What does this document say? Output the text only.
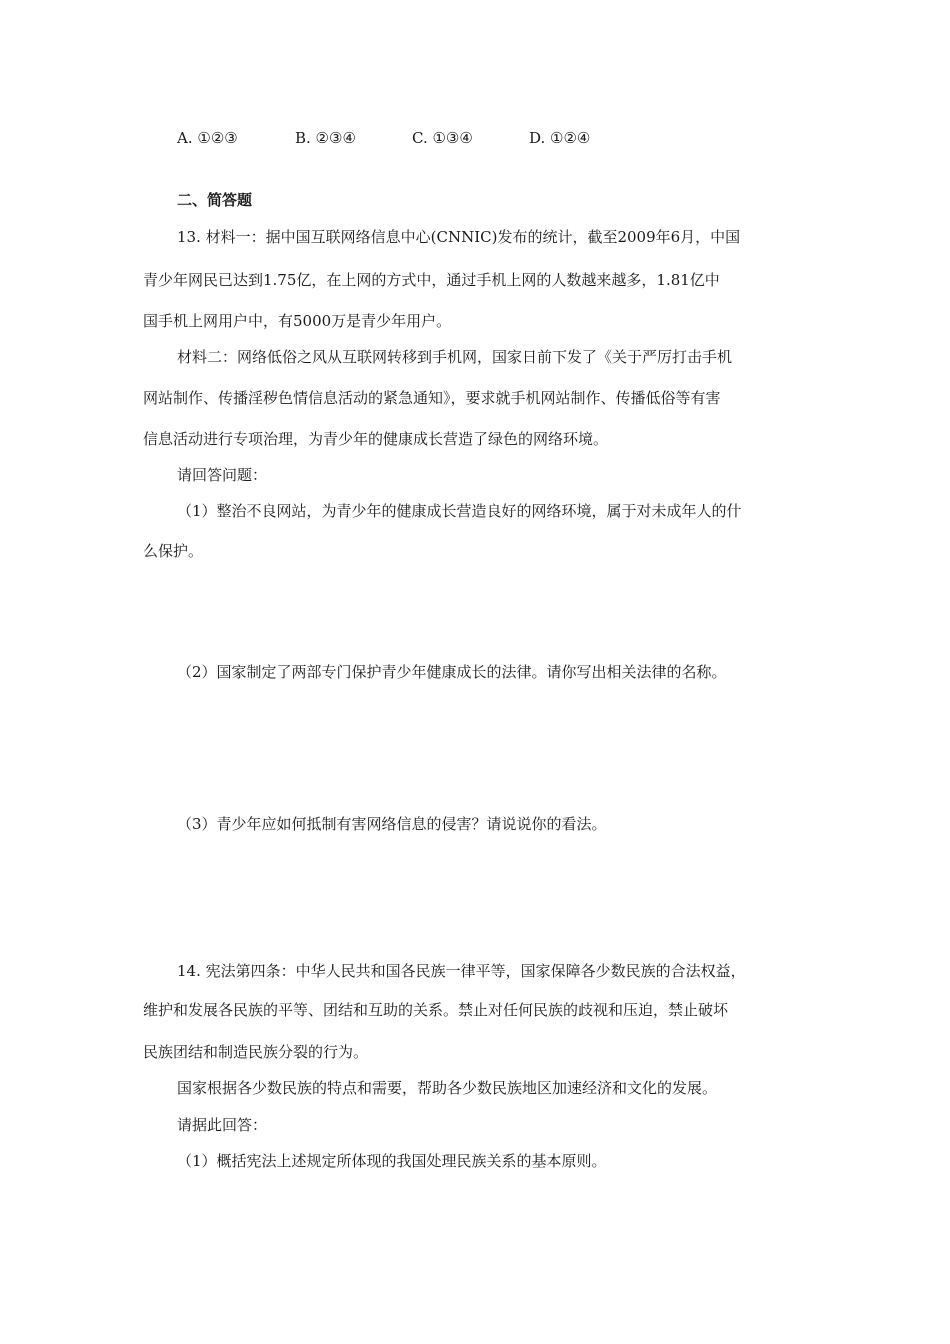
A. ①②③	B. ②③④	C. ①③④	D. ①②④
二、简答题
13. 材料一：据中国互联网络信息中心(CNNIC)发布的统计，截至2009年6月，中国
青少年网民已达到1.75亿，在上网的方式中，通过手机上网的人数越来越多，1.81亿中
国手机上网用户中，有5000万是青少年用户。
材料二：网络低俗之风从互联网转移到手机网，国家日前下发了《关于严厉打击手机
网站制作、传播淫秽色情信息活动的紧急通知》，要求就手机网站制作、传播低俗等有害
信息活动进行专项治理，为青少年的健康成长营造了绿色的网络环境。
请回答问题：
（1）整治不良网站，为青少年的健康成长营造良好的网络环境，属于对未成年人的什
么保护。
（2）国家制定了两部专门保护青少年健康成长的法律。请你写出相关法律的名称。
（3）青少年应如何抵制有害网络信息的侵害？请说说你的看法。
14. 宪法第四条：中华人民共和国各民族一律平等，国家保障各少数民族的合法权益，
维护和发展各民族的平等、团结和互助的关系。禁止对任何民族的歧视和压迫，禁止破坏
民族团结和制造民族分裂的行为。
国家根据各少数民族的特点和需要，帮助各少数民族地区加速经济和文化的发展。
请据此回答：
（1）概括宪法上述规定所体现的我国处理民族关系的基本原则。
